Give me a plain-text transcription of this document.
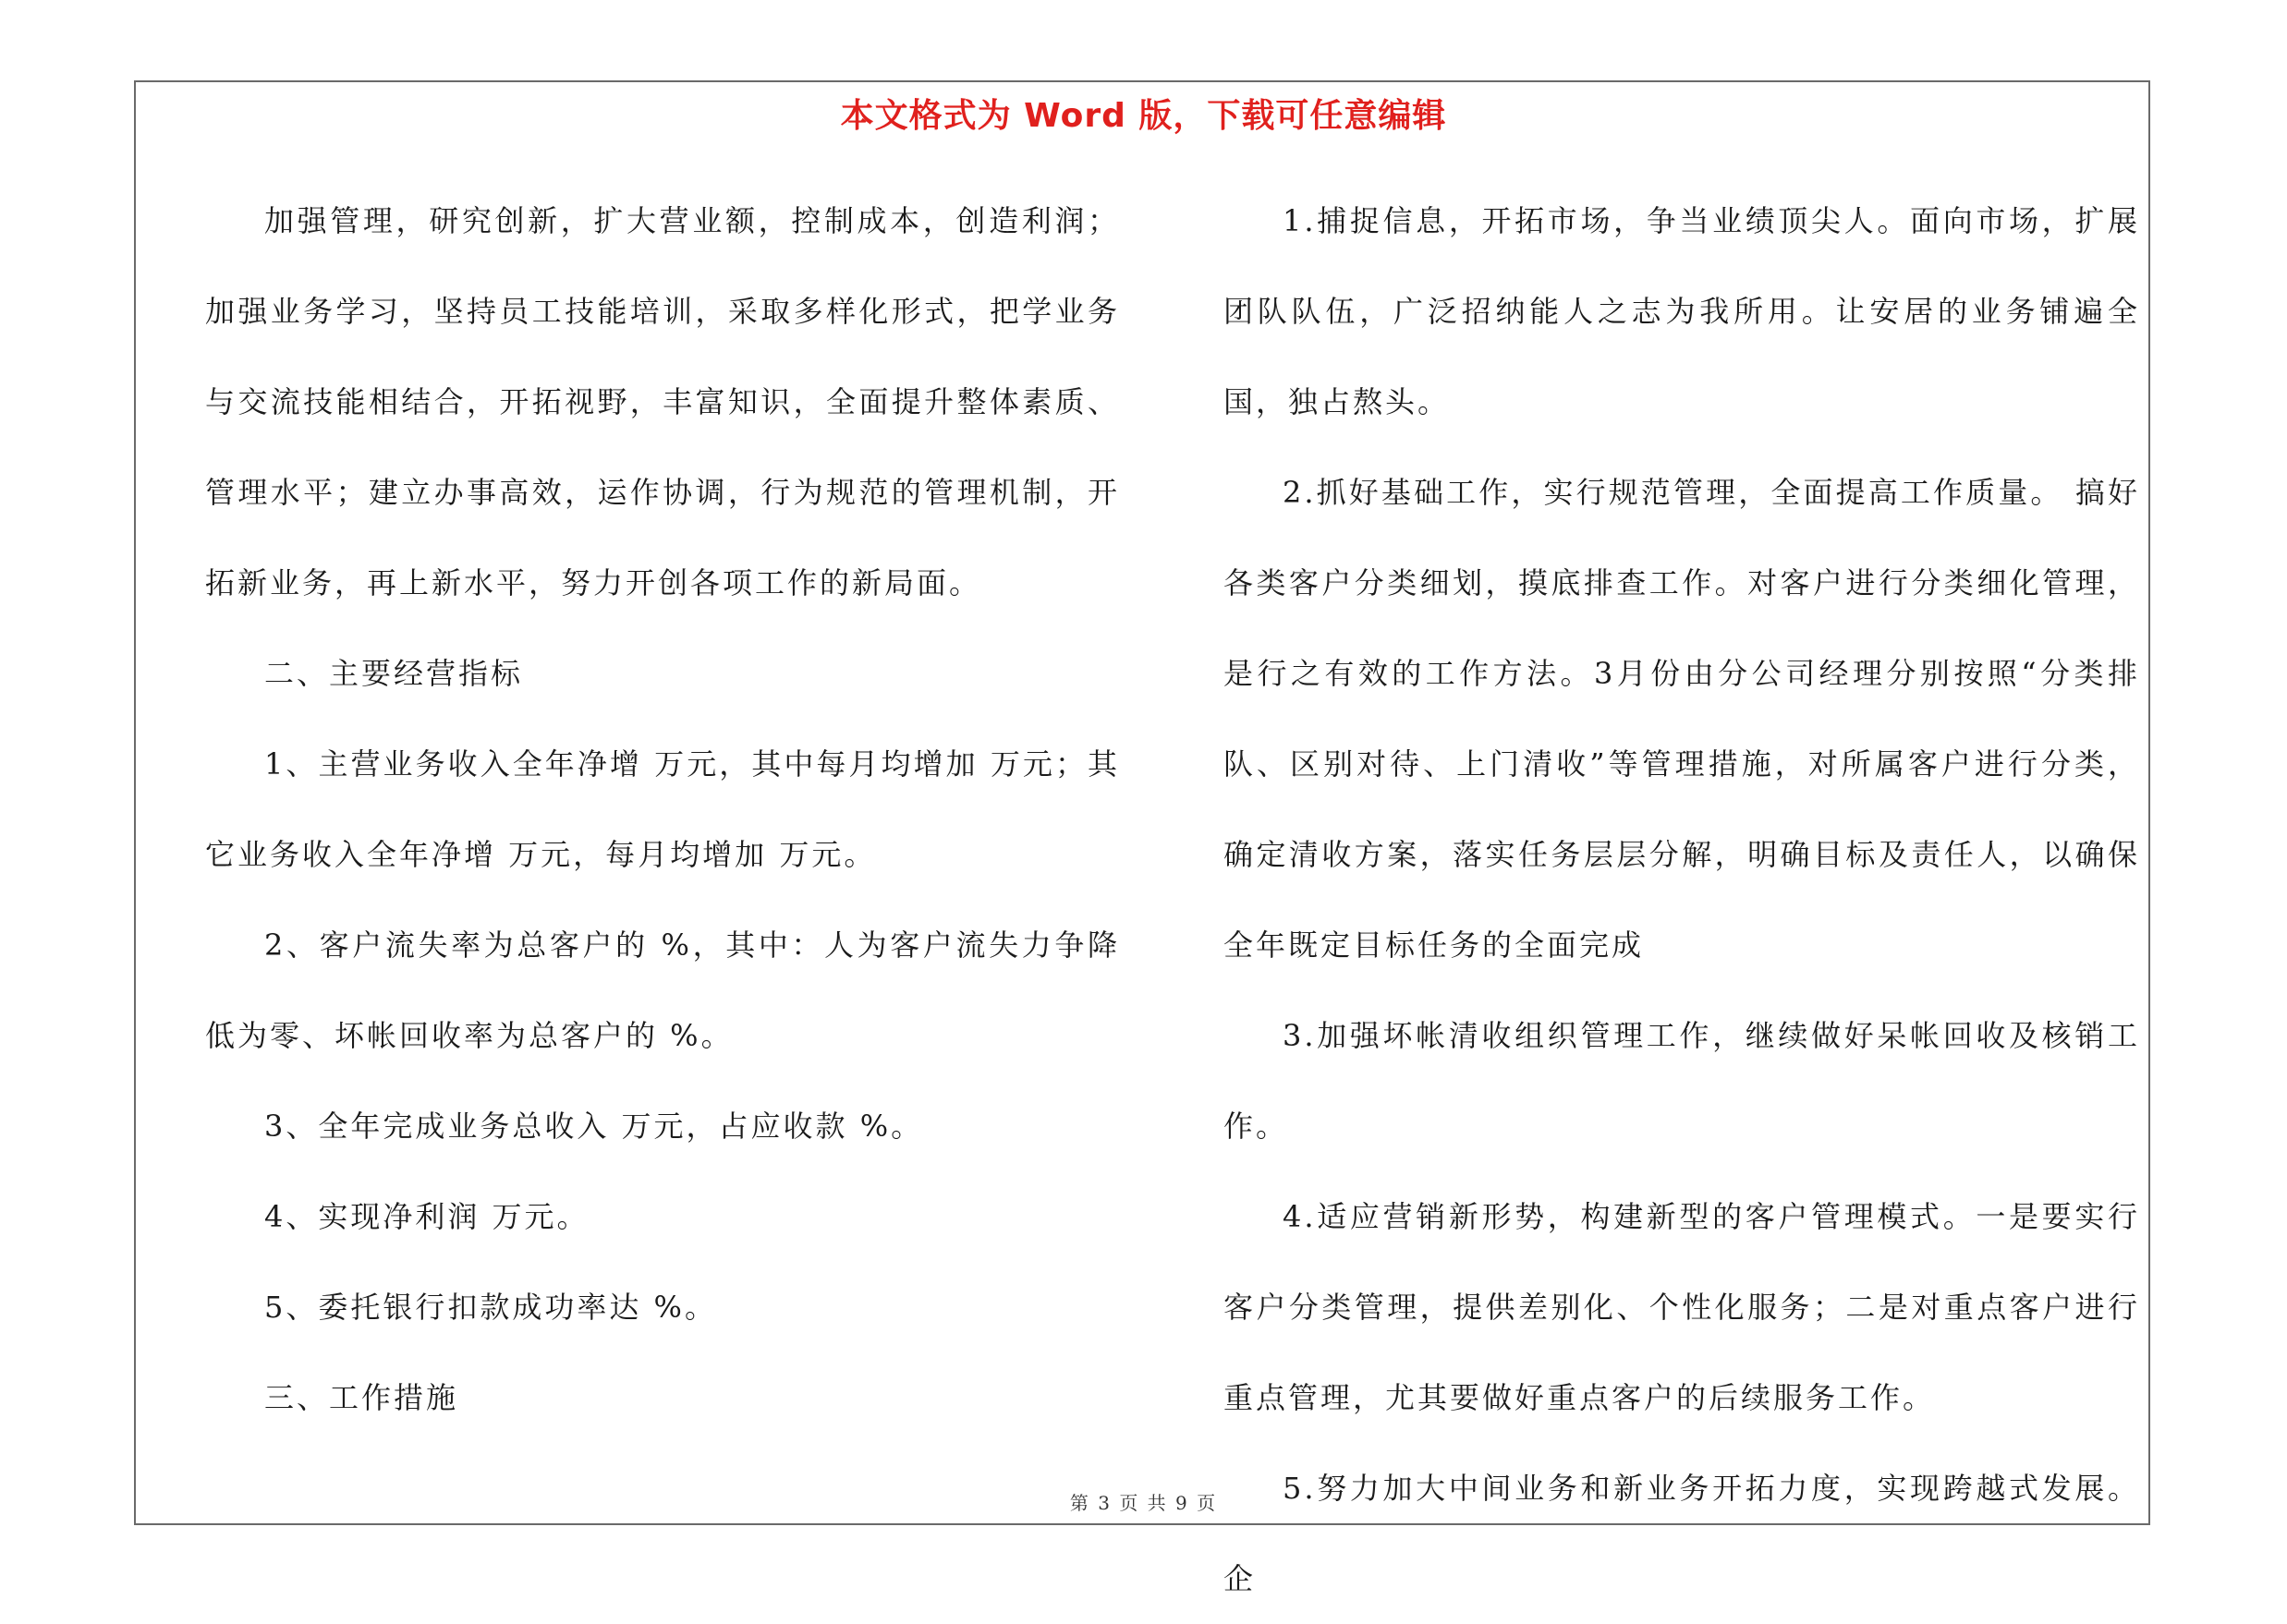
本文格式为 Word 版，下载可任意编辑

加强管理，研究创新，扩大营业额，控制成本，创造利润；加强业务学习，坚持员工技能培训，采取多样化形式，把学业务与交流技能相结合，开拓视野，丰富知识，全面提升整体素质、管理水平；建立办事高效，运作协调，行为规范的管理机制，开拓新业务，再上新水平，努力开创各项工作的新局面。

二、主要经营指标

1、主营业务收入全年净增 万元，其中每月均增加 万元；其它业务收入全年净增 万元，每月均增加 万元。

2、客户流失率为总客户的 %，其中：人为客户流失力争降低为零、坏帐回收率为总客户的 %。

3、全年完成业务总收入 万元，占应收款 %。

4、实现净利润 万元。

5、委托银行扣款成功率达 %。

三、工作措施

1.捕捉信息，开拓市场，争当业绩顶尖人。面向市场，扩展团队队伍，广泛招纳能人之志为我所用。让安居的业务铺遍全国，独占熬头。

2.抓好基础工作，实行规范管理，全面提高工作质量。 搞好各类客户分类细划，摸底排查工作。对客户进行分类细化管理，是行之有效的工作方法。3月份由分公司经理分别按照“分类排队、区别对待、上门清收”等管理措施，对所属客户进行分类，确定清收方案，落实任务层层分解，明确目标及责任人，以确保全年既定目标任务的全面完成

3.加强坏帐清收组织管理工作，继续做好呆帐回收及核销工作。

4.适应营销新形势，构建新型的客户管理模式。一是要实行客户分类管理，提供差别化、个性化服务；二是对重点客户进行重点管理，尤其要做好重点客户的后续服务工作。

5.努力加大中间业务和新业务开拓力度，实现跨越式发展。 企

第 3 页 共 9 页
